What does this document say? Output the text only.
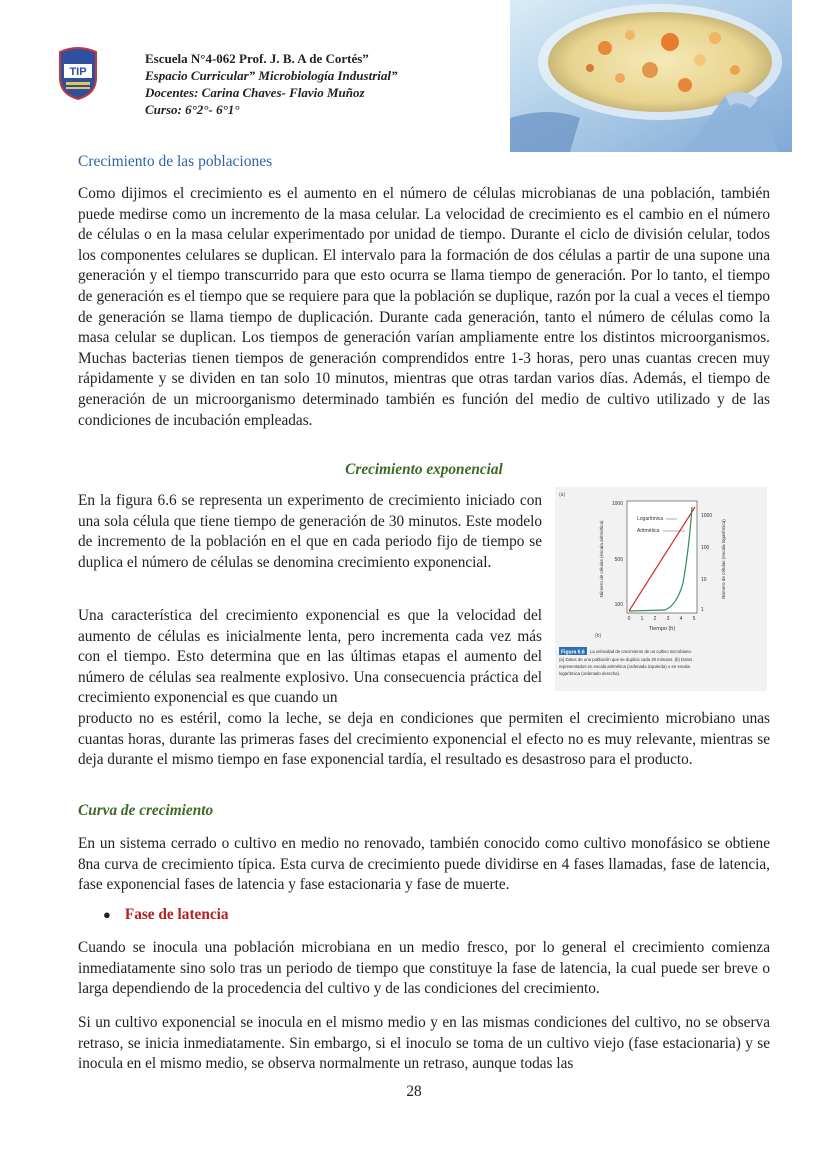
TIP
Escuela N°4-062 Prof. J. B. A de Cortés”
Espacio Curricular” Microbiología Industrial”
Docentes: Carina Chaves- Flavio Muñoz
Curso: 6°2°- 6°1°
Crecimiento de las poblaciones

Como dijimos el crecimiento es el aumento en el número de células microbianas de una población, también puede medirse como un incremento de la masa celular. La velocidad de crecimiento es el cambio en el número de células o en la masa celular experimentado por unidad de tiempo. Durante el ciclo de división celular, todos los componentes celulares se duplican. El intervalo para la formación de dos células a partir de una supone una generación y el tiempo transcurrido para que esto ocurra se llama tiempo de generación. Por lo tanto, el tiempo de generación es el tiempo que se requiere para que la población se duplique, razón por la cual a veces el tiempo de generación se llama tiempo de duplicación. Durante cada generación, tanto el número de células como la masa celular se duplican. Los tiempos de generación varían ampliamente entre los distintos microorganismos. Muchas bacterias tienen tiempos de generación comprendidos entre 1-3 horas, pero unas cuantas crecen muy rápidamente y se dividen en tan solo 10 minutos, mientras que otras tardan varios días. Además, el tiempo de generación de un microorganismo determinado también es función del medio de cultivo utilizado y de las condiciones de incubación empleadas.

Crecimiento exponencial

En la figura 6.6 se representa un experimento de crecimiento iniciado con una sola célula que tiene tiempo de generación de 30 minutos. Este modelo de incremento de la población en el que en cada periodo fijo de tiempo se duplica el número de células se denomina crecimiento exponencial.

Una característica del crecimiento exponencial es que la velocidad del aumento de células es inicialmente lenta, pero incrementa cada vez más con el tiempo. Esto determina que en las últimas etapas el aumento del número de células sea realmente explosivo. Una consecuencia práctica del crecimiento exponencial es que cuando un

producto no es estéril, como la leche, se deja en condiciones que permiten el crecimiento microbiano unas cuantas horas, durante las primeras fases del crecimiento exponencial el efecto no es muy relevante, mientras se deja durante el mismo tiempo en fase exponencial tardía, el resultado es desastroso para el producto.

(a)
1000
500
100
1000
100
10
1
0 1 2 3 4 5
Tiempo (h)
Número de células (escala aritmética)	Número de células (escala logarítmica)
Logarítmica
Aritmética
(b)
Figura 6.6 La velocidad de crecimiento de un cultivo microbiano.
(a) Datos de una población que se duplica cada 30 minutos. (b) Datos
representados en escala aritmética (ordenada izquierda) o en escala
logarítmica (ordenado derecha).
Curva de crecimiento

En un sistema cerrado o cultivo en medio no renovado, también conocido como cultivo monofásico se obtiene 8na curva de crecimiento típica. Esta curva de crecimiento puede dividirse en 4 fases llamadas, fase de latencia, fase exponencial fases de latencia y fase estacionaria y fase de muerte.

● Fase de latencia

Cuando se inocula una población microbiana en un medio fresco, por lo general el crecimiento comienza inmediatamente sino solo tras un periodo de tiempo que constituye la fase de latencia, la cual puede ser breve o larga dependiendo de la procedencia del cultivo y de las condiciones del crecimiento.

Si un cultivo exponencial se inocula en el mismo medio y en las mismas condiciones del cultivo, no se observa retraso, se inicia inmediatamente. Sin embargo, si el inoculo se toma de un cultivo viejo (fase estacionaria) y se inocula en el mismo medio, se observa normalmente un retraso, aunque todas las

28
